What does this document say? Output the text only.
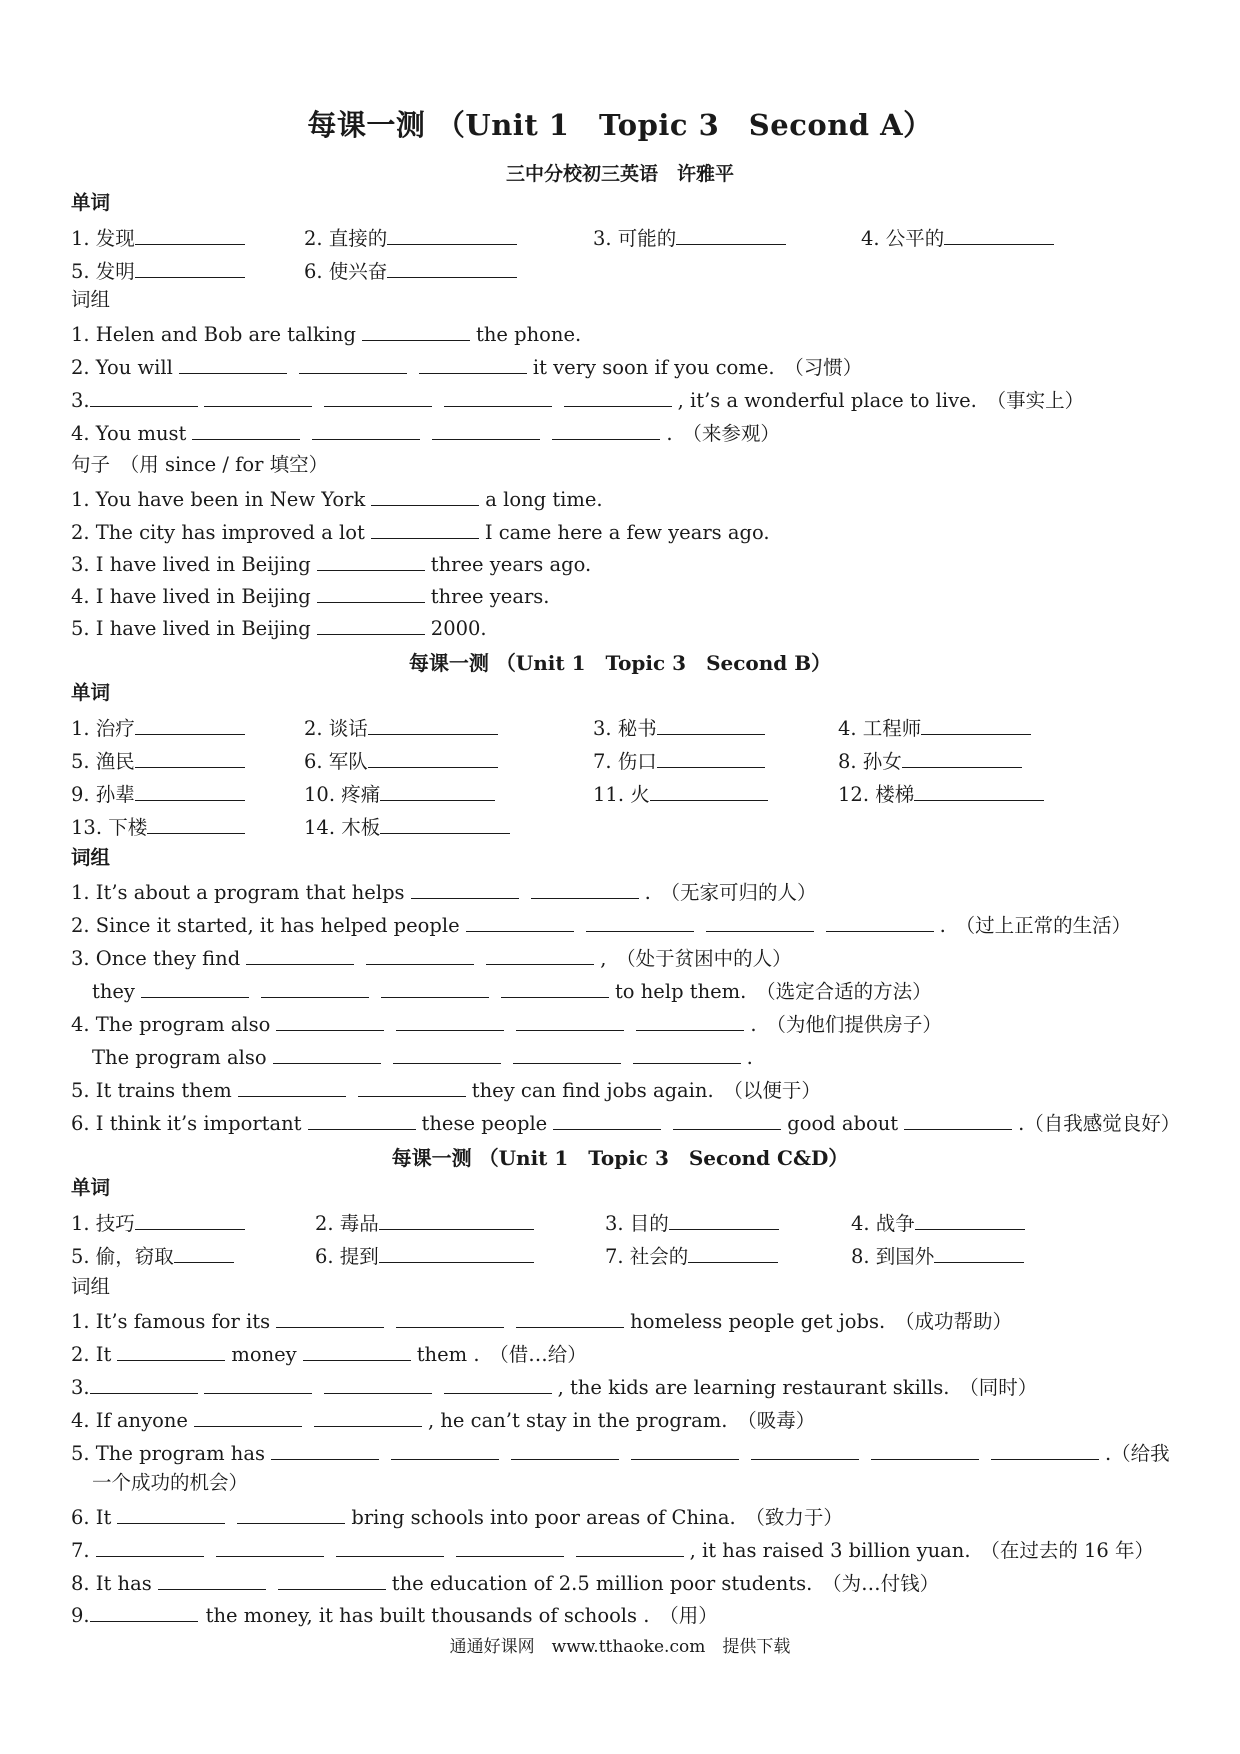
每课一测 （Unit 1　Topic 3　Second A）
三中分校初三英语　许雅平
单词
1. 发现	2. 直接的	3. 可能的	4. 公平的
5. 发明	6. 使兴奋
词组
1. Helen and Bob are talking	the phone.
2. You will	it very soon if you come.　（习惯）
3.	, it’s a wonderful place to live.　（事实上）
4. You must	.　（来参观）
句子　（用 since / for 填空）
1. You have been in New York	a long time.
2. The city has improved a lot	I came here a few years ago.
3. I have lived in Beijing	three years ago.
4. I have lived in Beijing	three years.
5. I have lived in Beijing	2000.
每课一测 （Unit 1　Topic 3　Second B）
单词
1. 治疗	2. 谈话	3. 秘书	4. 工程师
5. 渔民	6. 军队	7. 伤口	8. 孙女
9. 孙辈	10. 疼痛	11. 火	12. 楼梯
13. 下楼	14. 木板
词组
1. It’s about a program that helps	.　（无家可归的人）
2. Since it started, it has helped people	.　（过上正常的生活）
3. Once they find	,　（处于贫困中的人）
they	to help them.　（选定合适的方法）
4. The program also	.　（为他们提供房子）
The program also	.
5. It trains them	they can find jobs again.　（以便于）
6. I think it’s important	these people	good about	.（自我感觉良好）
每课一测 （Unit 1　Topic 3　Second C&D）
单词
1. 技巧	2. 毒品	3. 目的	4. 战争
5. 偷，窃取	6. 提到	7. 社会的	8. 到国外
词组
1. It’s famous for its	homeless people get jobs.　（成功帮助）
2. It	money	them .　（借…给）
3.	, the kids are learning restaurant skills.　（同时）
4. If anyone	, he can’t stay in the program.　（吸毒）
5. The program has	.（给我
一个成功的机会）
6. It	bring schools into poor areas of China.　（致力于）
7.	, it has raised 3 billion yuan.　（在过去的 16 年）
8. It has	the education of 2.5 million poor students.　（为…付钱）
9.	the money, it has built thousands of schools .　（用）
通通好课网　www.tthaoke.com　提供下载
